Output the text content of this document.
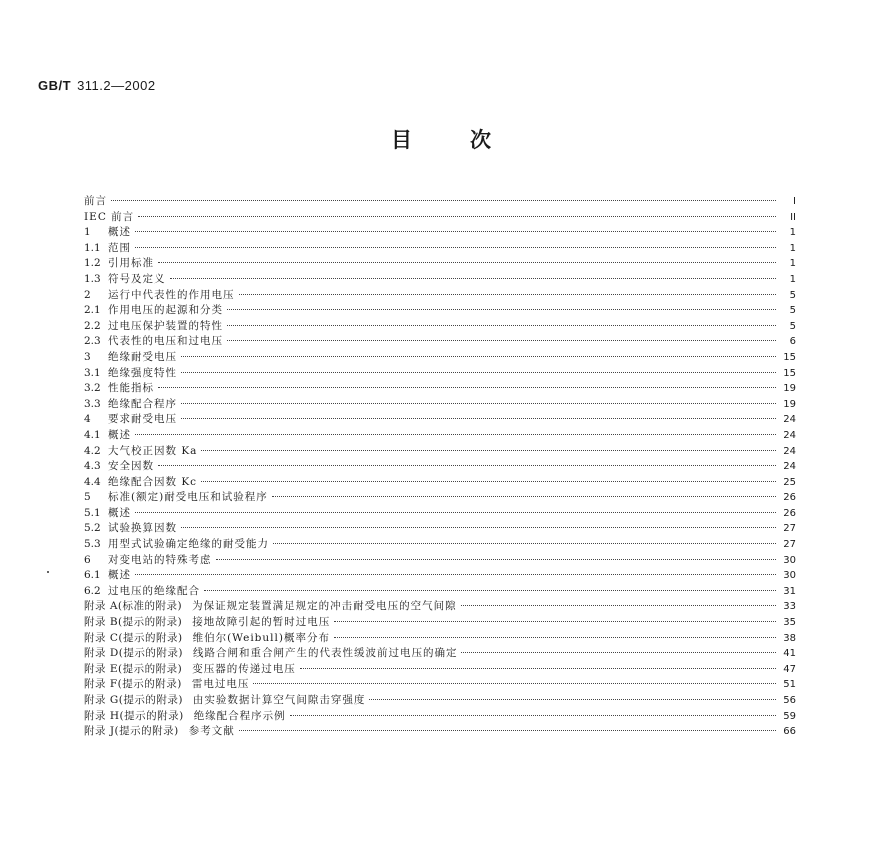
GB/T 311.2—2002
目次
前言	I
IEC 前言	II
1	概述	1
1.1 范围	1
1.2 引用标准	1
1.3 符号及定义	1
2	运行中代表性的作用电压	5
2.1 作用电压的起源和分类	5
2.2 过电压保护装置的特性	5
2.3 代表性的电压和过电压	6
3	绝缘耐受电压	15
3.1 绝缘强度特性	15
3.2 性能指标	19
3.3 绝缘配合程序	19
4	要求耐受电压	24
4.1 概述	24
4.2 大气校正因数 Ka	24
4.3 安全因数	24
4.4 绝缘配合因数 Kc	25
5	标准(额定)耐受电压和试验程序	26
5.1 概述	26
5.2 试验换算因数	27
5.3 用型式试验确定绝缘的耐受能力	27
6	对变电站的特殊考虑	30
6.1 概述	30
6.2 过电压的绝缘配合	31
附录 A(标准的附录) 为保证规定装置满足规定的冲击耐受电压的空气间隙	33
附录 B(提示的附录) 接地故障引起的暂时过电压	35
附录 C(提示的附录) 维伯尔(Weibull)概率分布	38
附录 D(提示的附录) 线路合闸和重合闸产生的代表性缓波前过电压的确定	41
附录 E(提示的附录) 变压器的传递过电压	47
附录 F(提示的附录) 雷电过电压	51
附录 G(提示的附录) 由实验数据计算空气间隙击穿强度	56
附录 H(提示的附录) 绝缘配合程序示例	59
附录 J(提示的附录) 参考文献	66
